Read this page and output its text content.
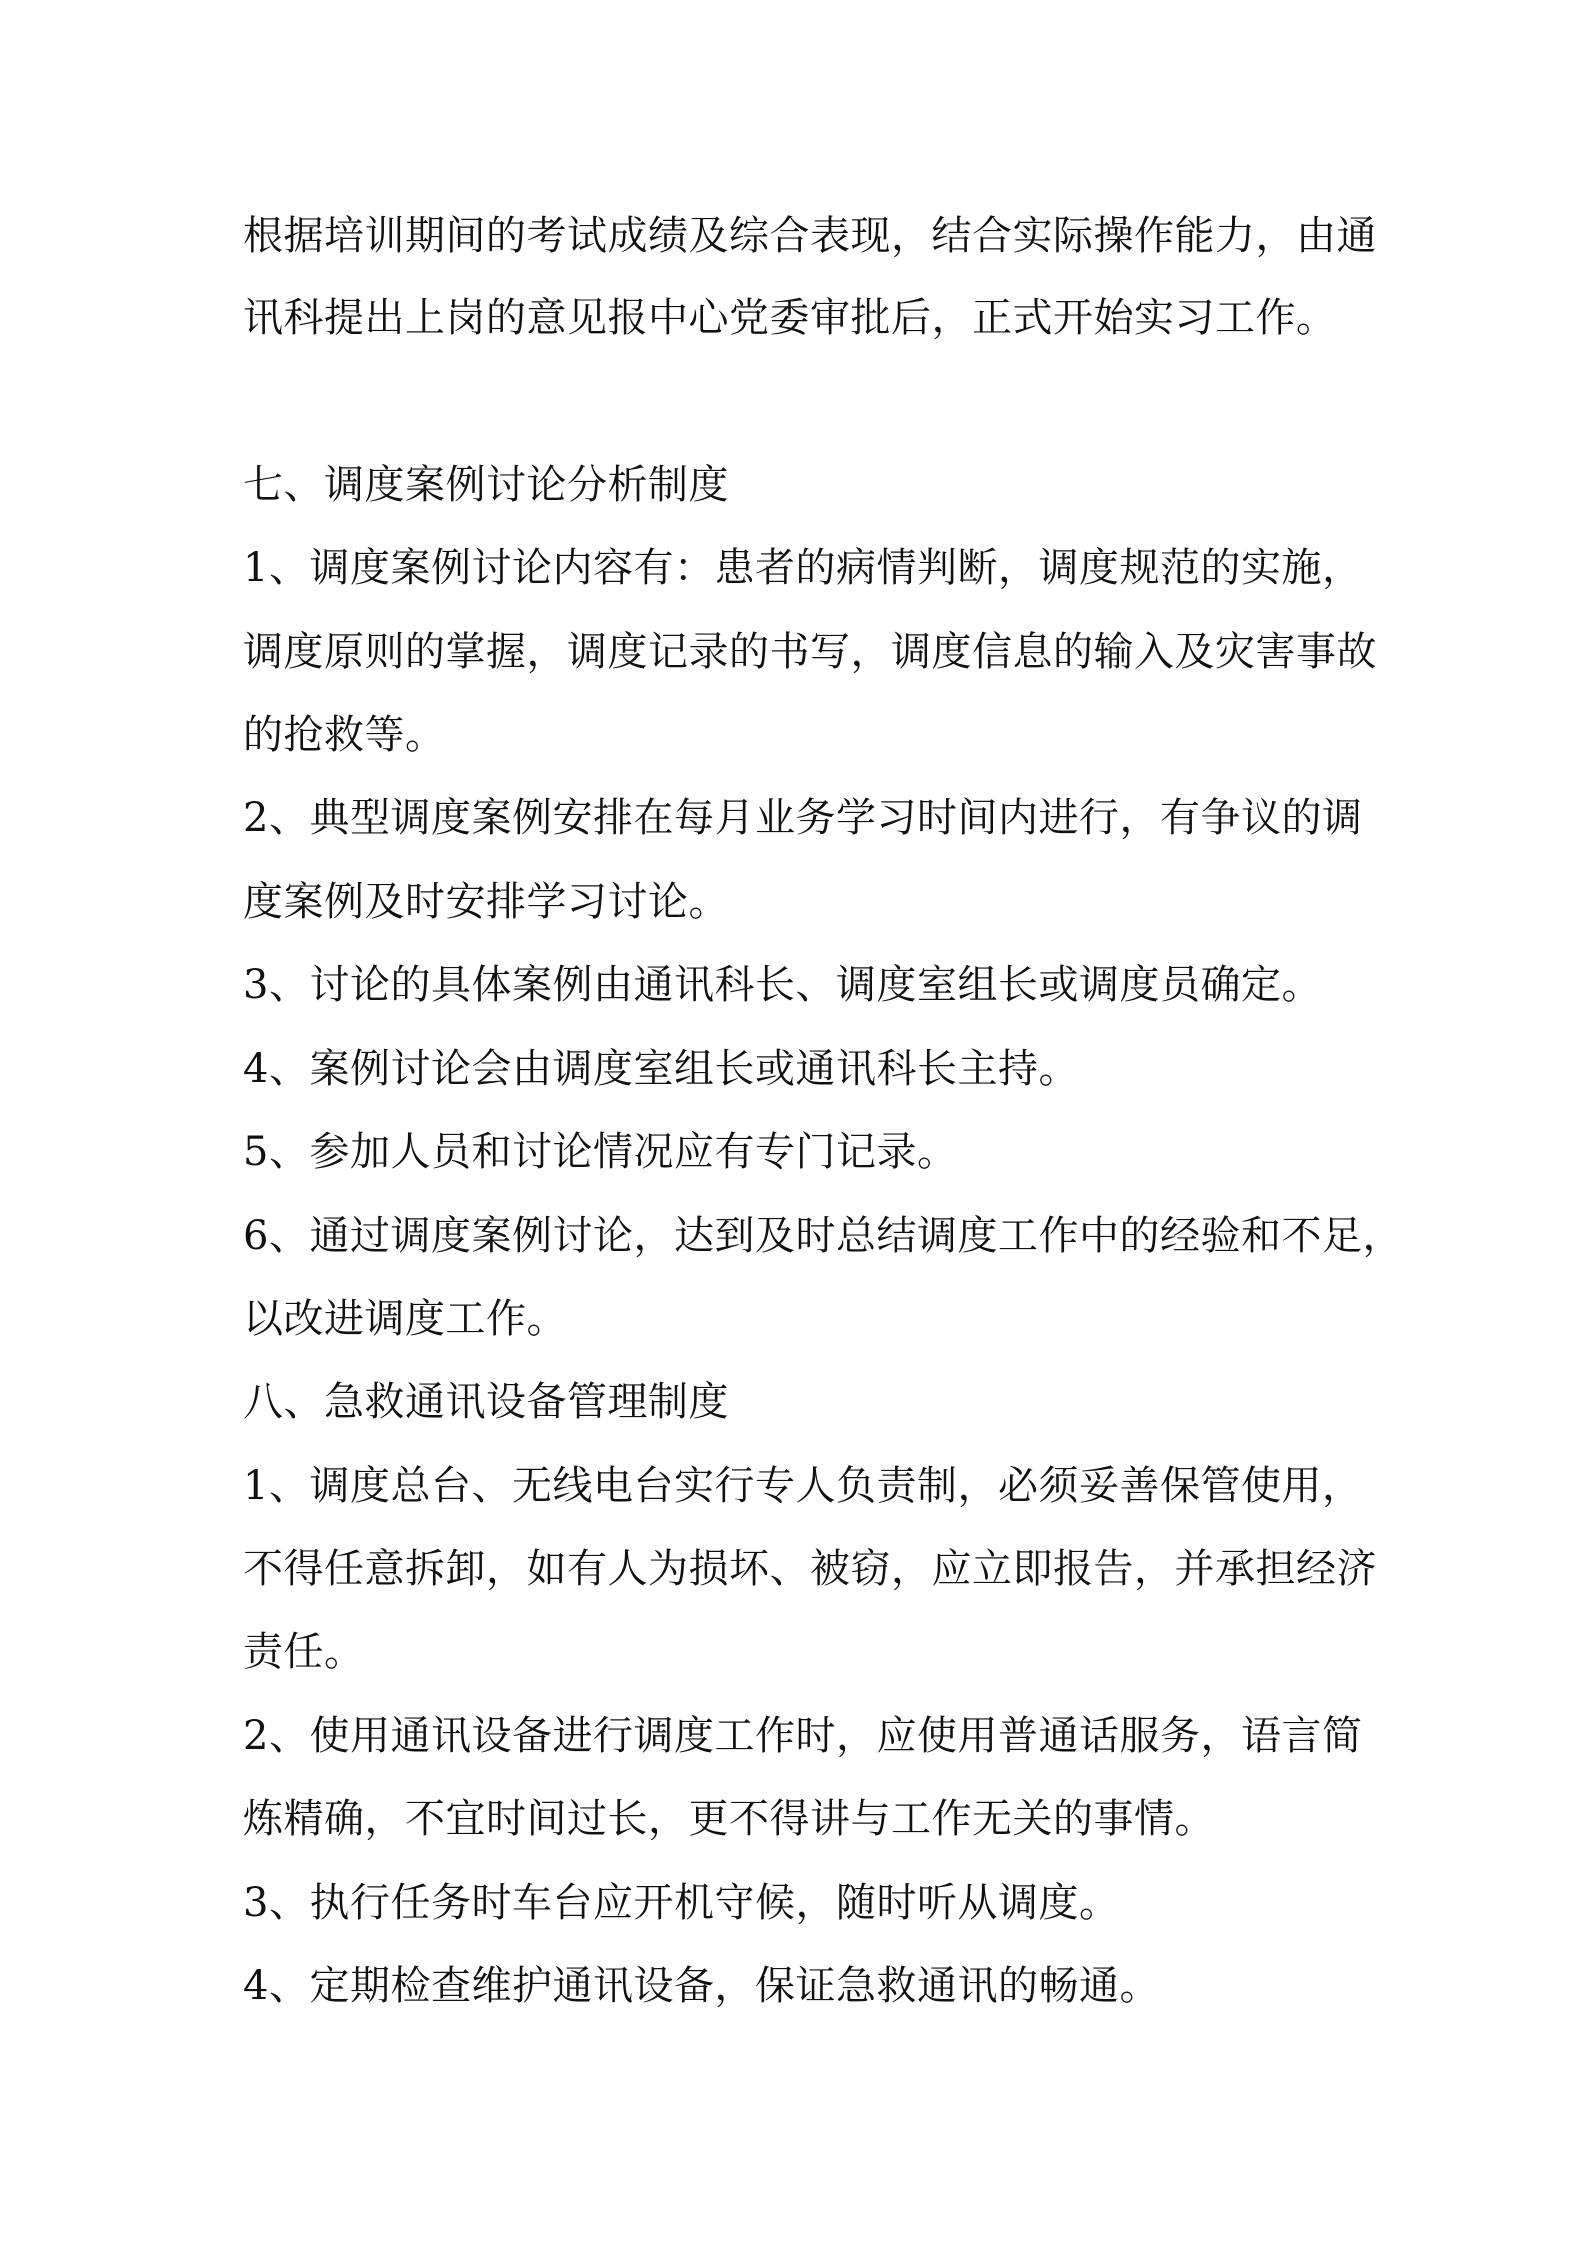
根据培训期间的考试成绩及综合表现，结合实际操作能力，由通
讯科提出上岗的意见报中心党委审批后，正式开始实习工作。
七、调度案例讨论分析制度
1、调度案例讨论内容有：患者的病情判断，调度规范的实施，
调度原则的掌握，调度记录的书写，调度信息的输入及灾害事故
的抢救等。
2、典型调度案例安排在每月业务学习时间内进行，有争议的调
度案例及时安排学习讨论。
3、讨论的具体案例由通讯科长、调度室组长或调度员确定。
4、案例讨论会由调度室组长或通讯科长主持。
5、参加人员和讨论情况应有专门记录。
6、通过调度案例讨论，达到及时总结调度工作中的经验和不足，
以改进调度工作。
八、急救通讯设备管理制度
1、调度总台、无线电台实行专人负责制，必须妥善保管使用，
不得任意拆卸，如有人为损坏、被窃，应立即报告，并承担经济
责任。
2、使用通讯设备进行调度工作时，应使用普通话服务，语言简
炼精确，不宜时间过长，更不得讲与工作无关的事情。
3、执行任务时车台应开机守候，随时听从调度。
4、定期检查维护通讯设备，保证急救通讯的畅通。
